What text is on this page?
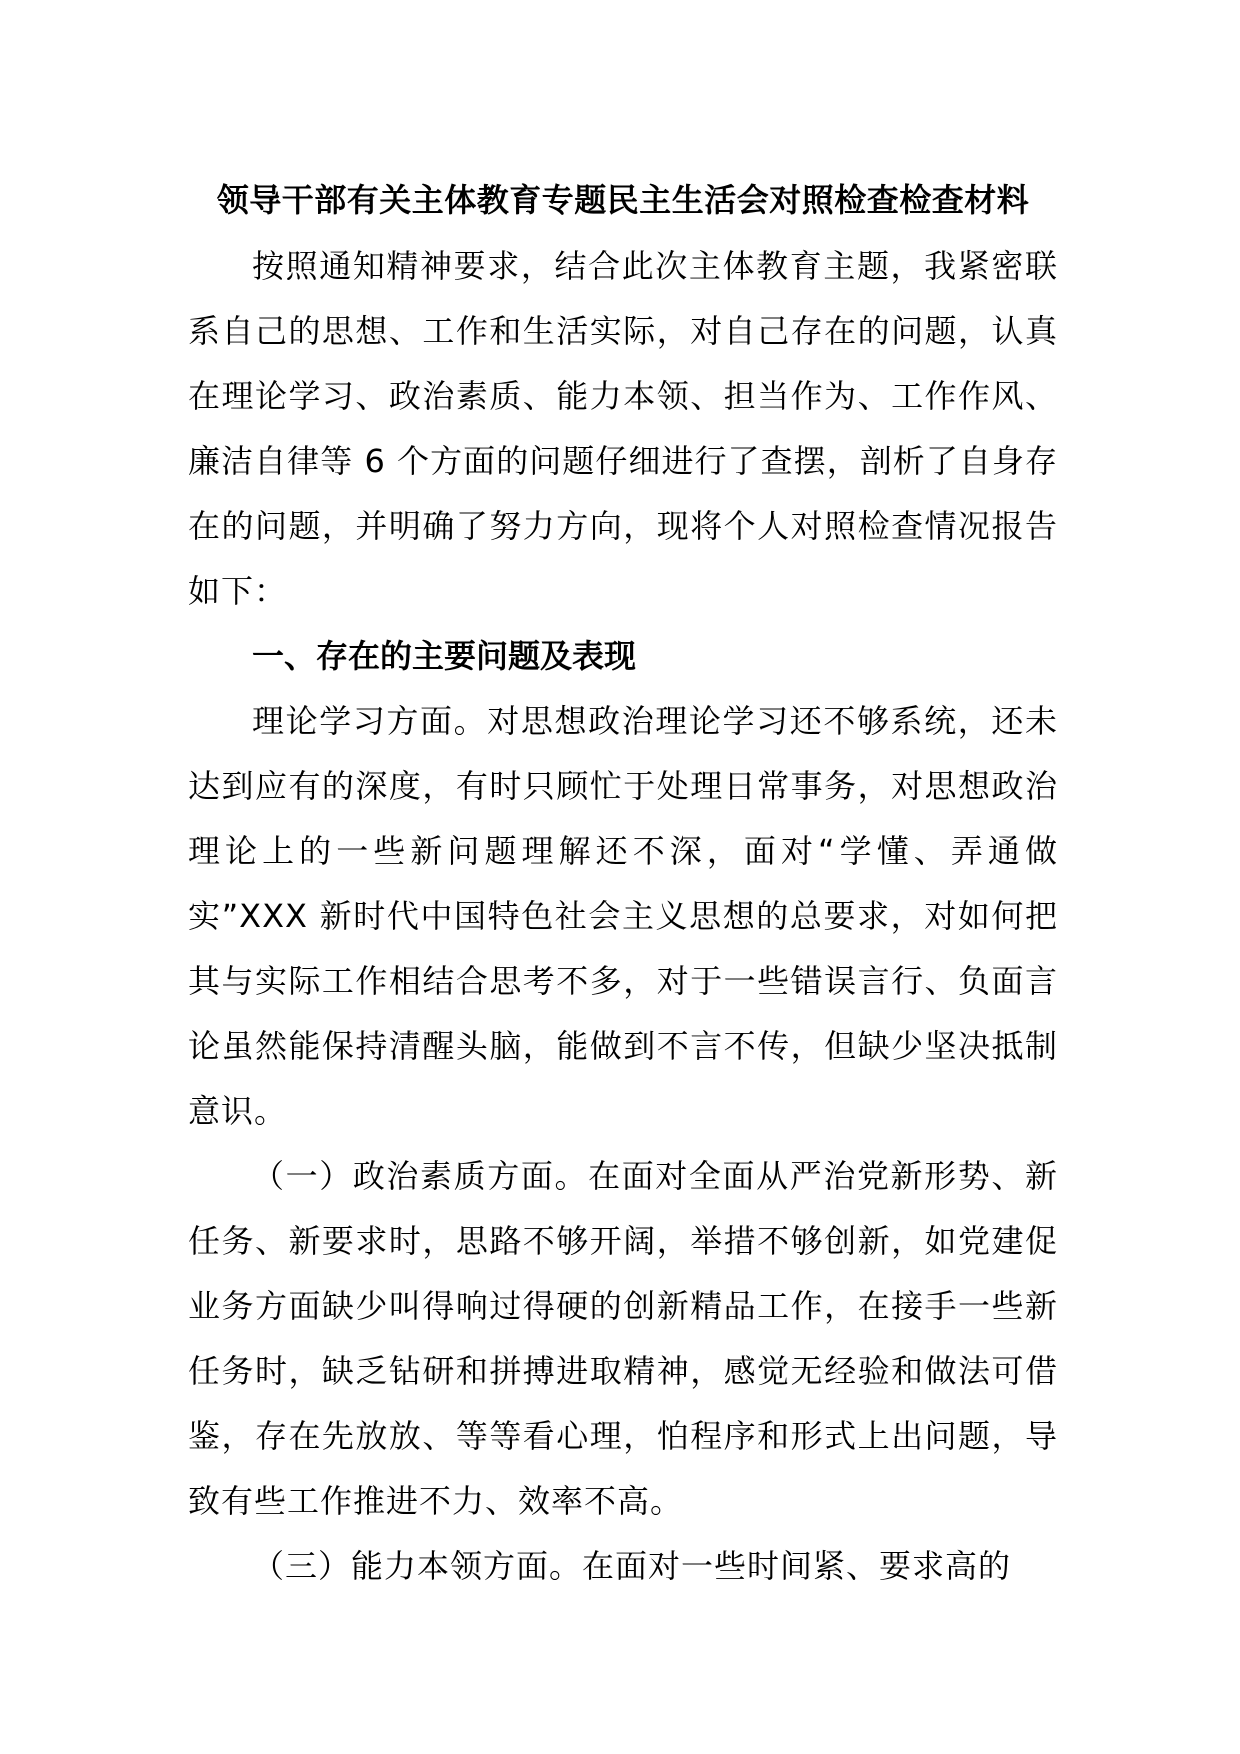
领导干部有关主体教育专题民主生活会对照检查检查材料

按照通知精神要求，结合此次主体教育主题，我紧密联系自己的思想、工作和生活实际，对自己存在的问题，认真在理论学习、政治素质、能力本领、担当作为、工作作风、廉洁自律等 6 个方面的问题仔细进行了查摆，剖析了自身存在的问题，并明确了努力方向，现将个人对照检查情况报告如下：

一、存在的主要问题及表现

理论学习方面。对思想政治理论学习还不够系统，还未达到应有的深度，有时只顾忙于处理日常事务，对思想政治理论上的一些新问题理解还不深，面对“学懂、弄通做实”XXX 新时代中国特色社会主义思想的总要求，对如何把其与实际工作相结合思考不多，对于一些错误言行、负面言论虽然能保持清醒头脑，能做到不言不传，但缺少坚决抵制意识。

（一）政治素质方面。在面对全面从严治党新形势、新任务、新要求时，思路不够开阔，举措不够创新，如党建促业务方面缺少叫得响过得硬的创新精品工作，在接手一些新任务时，缺乏钻研和拼搏进取精神，感觉无经验和做法可借鉴，存在先放放、等等看心理，怕程序和形式上出问题，导致有些工作推进不力、效率不高。

（三）能力本领方面。在面对一些时间紧、要求高的
